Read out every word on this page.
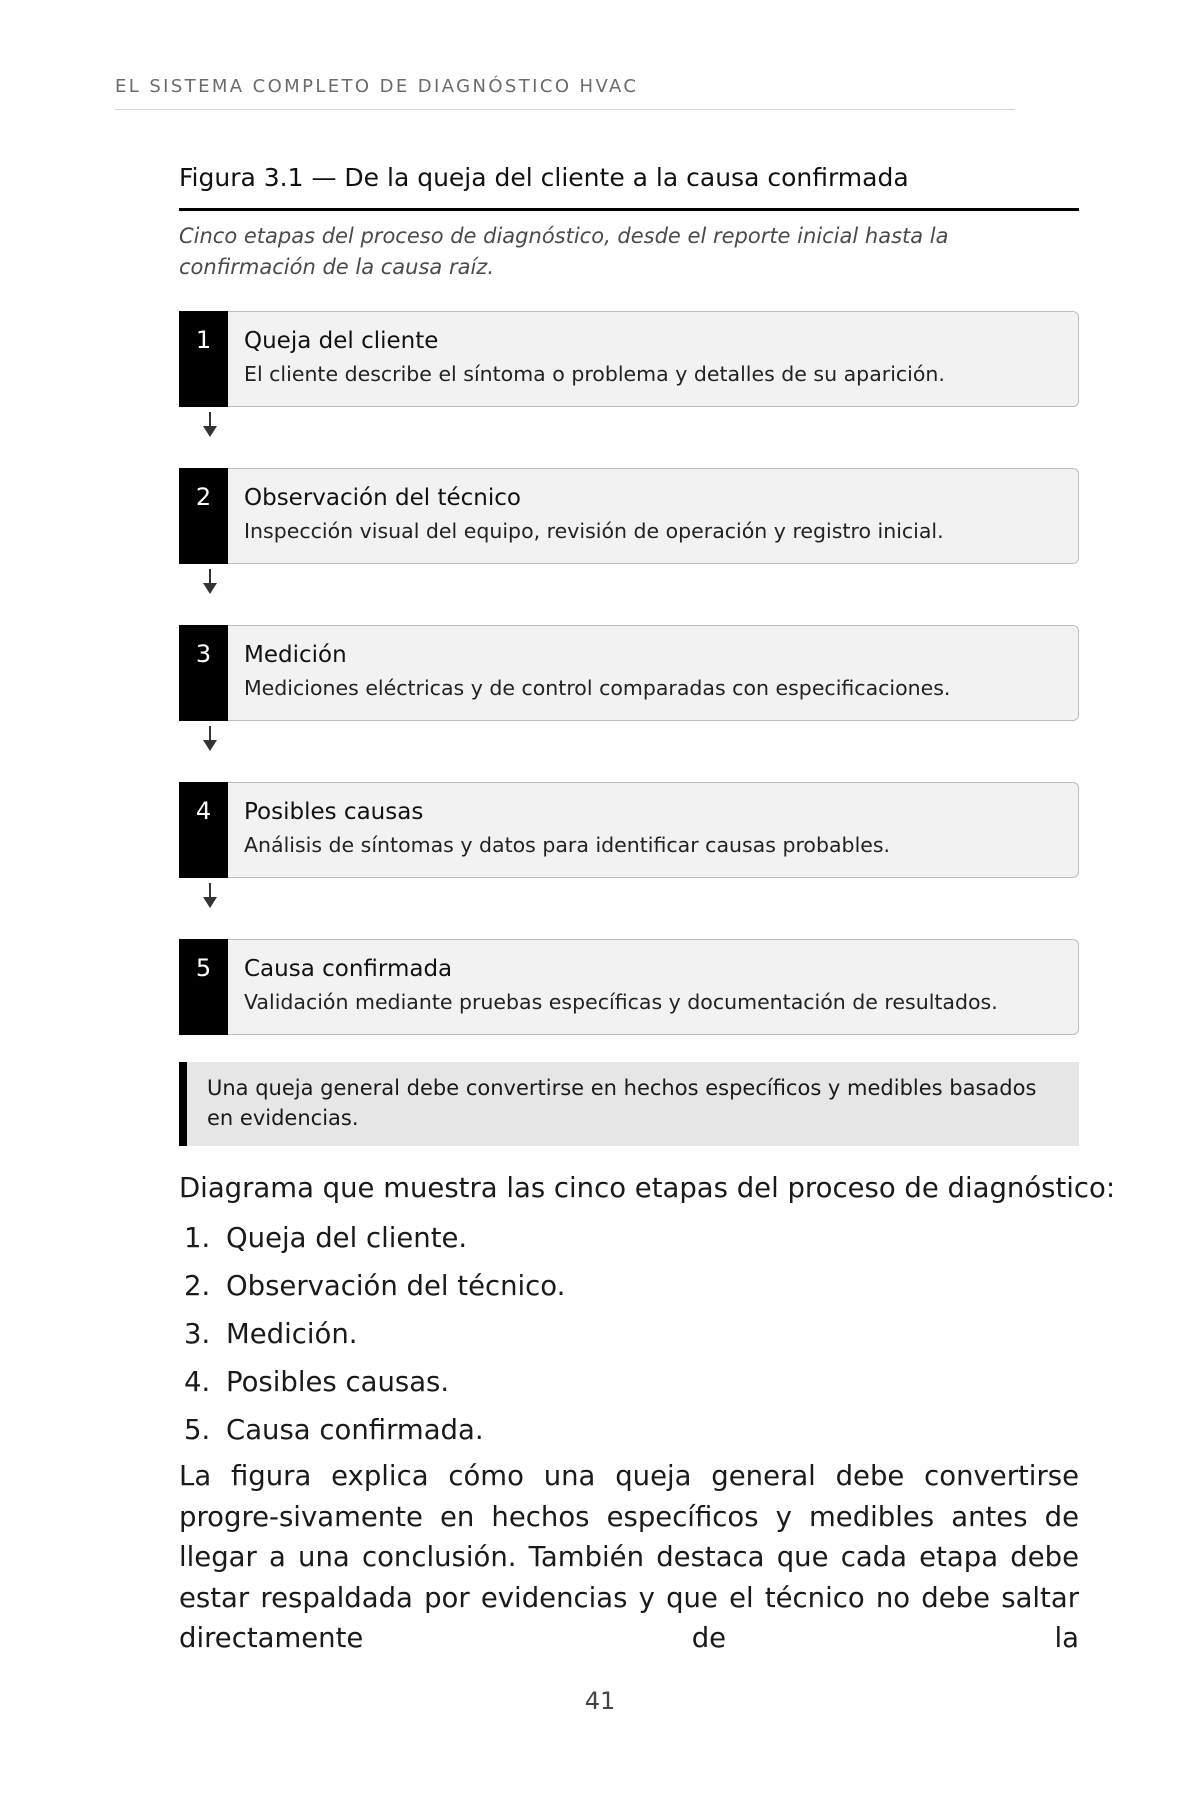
EL SISTEMA COMPLETO DE DIAGNÓSTICO HVAC
Figura 3.1 — De la queja del cliente a la causa confirmada
Cinco etapas del proceso de diagnóstico, desde el reporte inicial hasta la confirmación de la causa raíz.
1	Queja del cliente
El cliente describe el síntoma o problema y detalles de su aparición.
2	Observación del técnico
Inspección visual del equipo, revisión de operación y registro inicial.
3	Medición
Mediciones eléctricas y de control comparadas con especificaciones.
4	Posibles causas
Análisis de síntomas y datos para identificar causas probables.
5	Causa confirmada
Validación mediante pruebas específicas y documentación de resultados.
Una queja general debe convertirse en hechos específicos y medibles basados en evidencias.
Diagrama que muestra las cinco etapas del proceso de diagnóstico:
1. Queja del cliente.
2. Observación del técnico.
3. Medición.
4. Posibles causas.
5. Causa confirmada.
La figura explica cómo una queja general debe convertirse progre-sivamente en hechos específicos y medibles antes de llegar a una conclusión. También destaca que cada etapa debe estar respaldada por evidencias y que el técnico no debe saltar directamente de la
41
